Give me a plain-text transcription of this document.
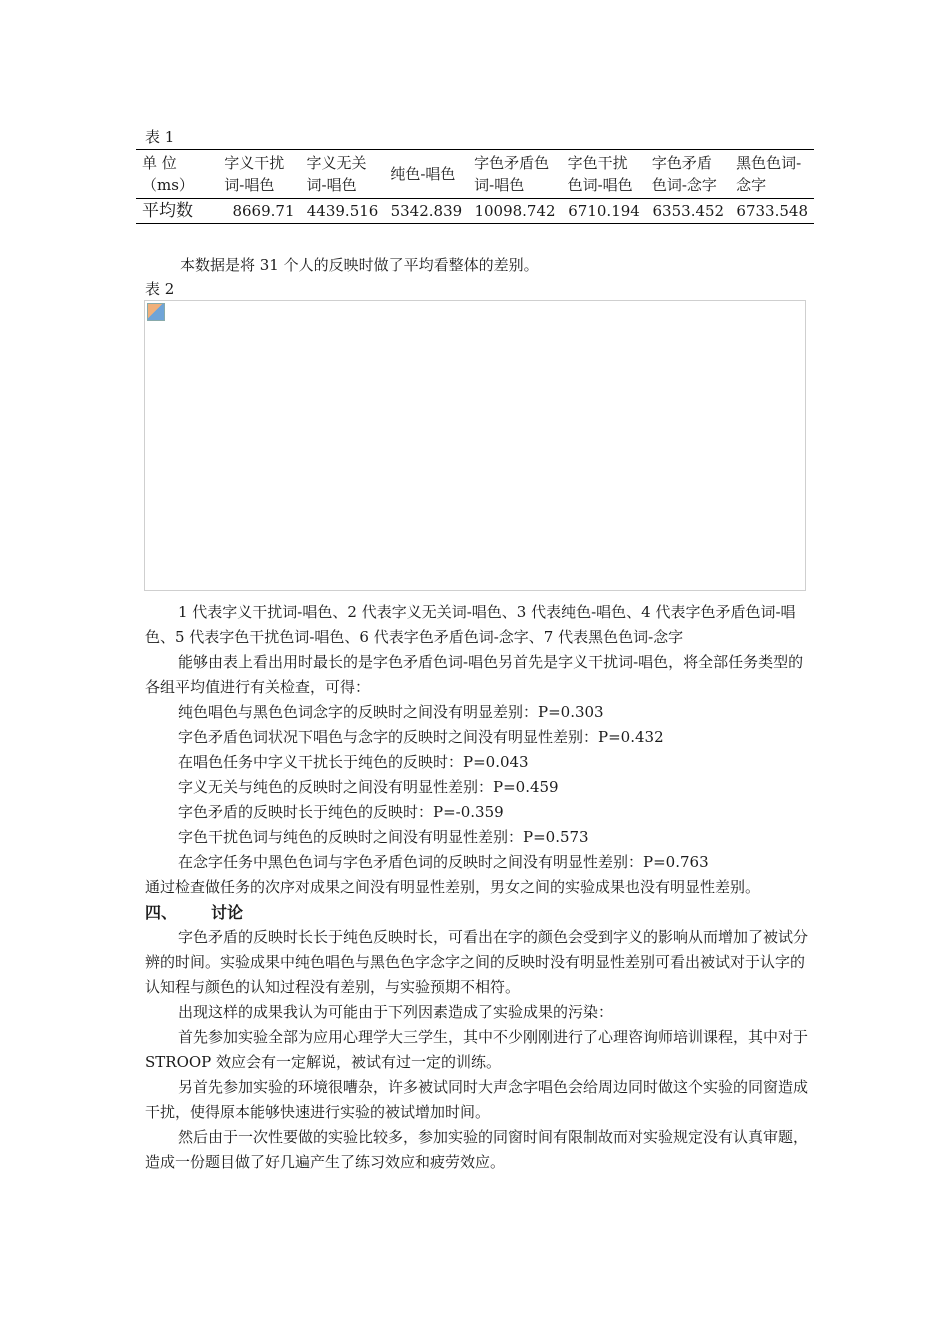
表 1
单 位（ms）	字义干扰词-唱色	字义无关词-唱色	纯色-唱色	字色矛盾色词-唱色	字色干扰色词-唱色	字色矛盾色词-念字	黑色色词-念字
平均数	8669.71	4439.516	5342.839	10098.742	6710.194	6353.452	6733.548
本数据是将 31 个人的反映时做了平均看整体的差别。
表 2

1 代表字义干扰词-唱色、2 代表字义无关词-唱色、3 代表纯色-唱色、4 代表字色矛盾色词-唱色、5 代表字色干扰色词-唱色、6 代表字色矛盾色词-念字、7 代表黑色色词-念字

能够由表上看出用时最长的是字色矛盾色词-唱色另首先是字义干扰词-唱色，将全部任务类型的各组平均值进行有关检查，可得：

纯色唱色与黑色色词念字的反映时之间没有明显差别：P=0.303

字色矛盾色词状况下唱色与念字的反映时之间没有明显性差别：P=0.432

在唱色任务中字义干扰长于纯色的反映时：P=0.043

字义无关与纯色的反映时之间没有明显性差别：P=0.459

字色矛盾的反映时长于纯色的反映时：P=-0.359

字色干扰色词与纯色的反映时之间没有明显性差别：P=0.573

在念字任务中黑色色词与字色矛盾色词的反映时之间没有明显性差别：P=0.763

通过检查做任务的次序对成果之间没有明显性差别，男女之间的实验成果也没有明显性差别。

四、 讨论

字色矛盾的反映时长长于纯色反映时长，可看出在字的颜色会受到字义的影响从而增加了被试分辨的时间。实验成果中纯色唱色与黑色色字念字之间的反映时没有明显性差别可看出被试对于认字的认知程与颜色的认知过程没有差别，与实验预期不相符。

出现这样的成果我认为可能由于下列因素造成了实验成果的污染：

首先参加实验全部为应用心理学大三学生，其中不少刚刚进行了心理咨询师培训课程，其中对于 STROOP 效应会有一定解说，被试有过一定的训练。

另首先参加实验的环境很嘈杂，许多被试同时大声念字唱色会给周边同时做这个实验的同窗造成干扰，使得原本能够快速进行实验的被试增加时间。

然后由于一次性要做的实验比较多，参加实验的同窗时间有限制故而对实验规定没有认真审题，造成一份题目做了好几遍产生了练习效应和疲劳效应。
